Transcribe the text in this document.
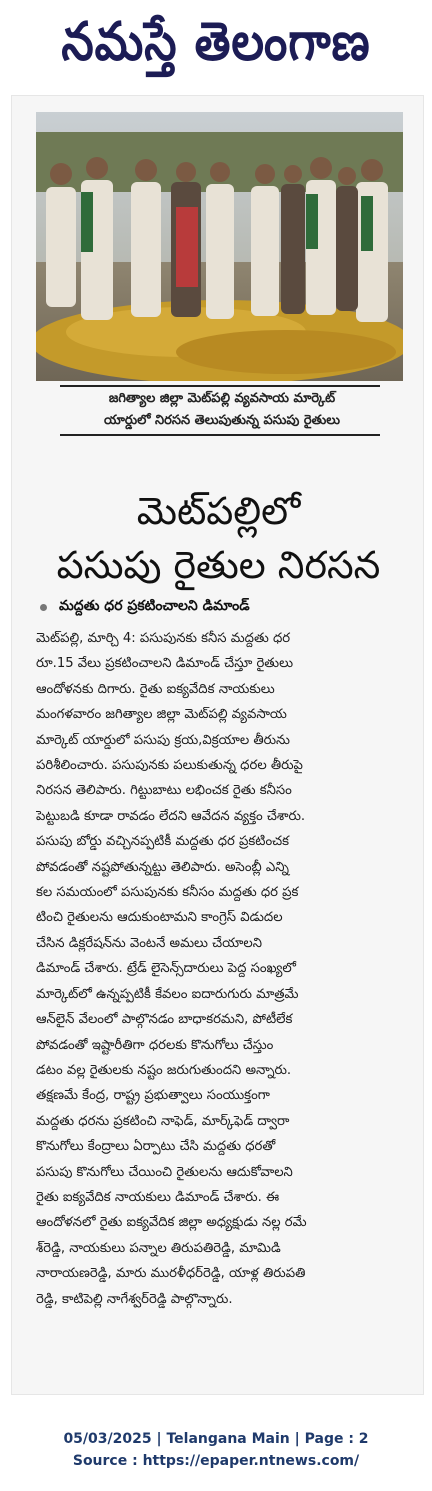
నమస్తే తెలంగాణ
జగిత్యాల జిల్లా మెట్‌పల్లి వ్యవసాయ మార్కెట్
యార్డులో నిరసన తెలుపుతున్న పసుపు రైతులు
మెట్‌పల్లిలో
పసుపు రైతుల నిరసన
మద్దతు ధర ప్రకటించాలని డిమాండ్
మెట్‌పల్లి, మార్చి 4: పసుపునకు కనీస మద్దతు ధర
రూ.15 వేలు ప్రకటించాలని డిమాండ్ చేస్తూ రైతులు
ఆందోళనకు దిగారు. రైతు ఐక్యవేదిక నాయకులు
మంగళవారం జగిత్యాల జిల్లా మెట్‌పల్లి వ్యవసాయ
మార్కెట్ యార్డులో పసుపు క్రయ,విక్రయాల తీరును
పరిశీలించారు. పసుపునకు పలుకుతున్న ధరల తీరుపై
నిరసన తెలిపారు. గిట్టుబాటు లభించక రైతు కనీసం
పెట్టుబడి కూడా రావడం లేదని ఆవేదన వ్యక్తం చేశారు.
పసుపు బోర్డు వచ్చినప్పటికీ మద్దతు ధర ప్రకటించక
పోవడంతో నష్టపోతున్నట్టు తెలిపారు. అసెంబ్లీ ఎన్ని
కల సమయంలో పసుపునకు కనీసం మద్దతు ధర ప్రక
టించి రైతులను ఆదుకుంటామని కాంగ్రెస్ విడుదల
చేసిన డిక్లరేషన్‌ను వెంటనే అమలు చేయాలని
డిమాండ్ చేశారు. ట్రేడ్ లైసెన్స్‌దారులు పెద్ద సంఖ్యలో
మార్కెట్‌లో ఉన్నప్పటికీ కేవలం ఐదారుగురు మాత్రమే
ఆన్‌లైన్ వేలంలో పాల్గొనడం బాధాకరమని, పోటీలేక
పోవడంతో ఇష్టారీతిగా ధరలకు కొనుగోలు చేస్తుం
డటం వల్ల రైతులకు నష్టం జరుగుతుందని అన్నారు.
తక్షణమే కేంద్ర, రాష్ట్ర ప్రభుత్వాలు సంయుక్తంగా
మద్దతు ధరను ప్రకటించి నాఫెడ్, మార్క్‌ఫెడ్ ద్వారా
కొనుగోలు కేంద్రాలు ఏర్పాటు చేసి మద్దతు ధరతో
పసుపు కొనుగోలు చేయించి రైతులను ఆదుకోవాలని
రైతు ఐక్యవేదిక నాయకులు డిమాండ్ చేశారు. ఈ
ఆందోళనలో రైతు ఐక్యవేదిక జిల్లా అధ్యక్షుడు నల్ల రమే
శ్‌రెడ్డి, నాయకులు పన్నాల తిరుపతిరెడ్డి, మామిడి
నారాయణరెడ్డి, మారు మురళీధర్‌రెడ్డి, యాళ్ల తిరుపతి
రెడ్డి, కాటిపెల్లి నాగేశ్వర్‌రెడ్డి పాల్గొన్నారు.
05/03/2025 | Telangana Main | Page : 2
Source : https://epaper.ntnews.com/
